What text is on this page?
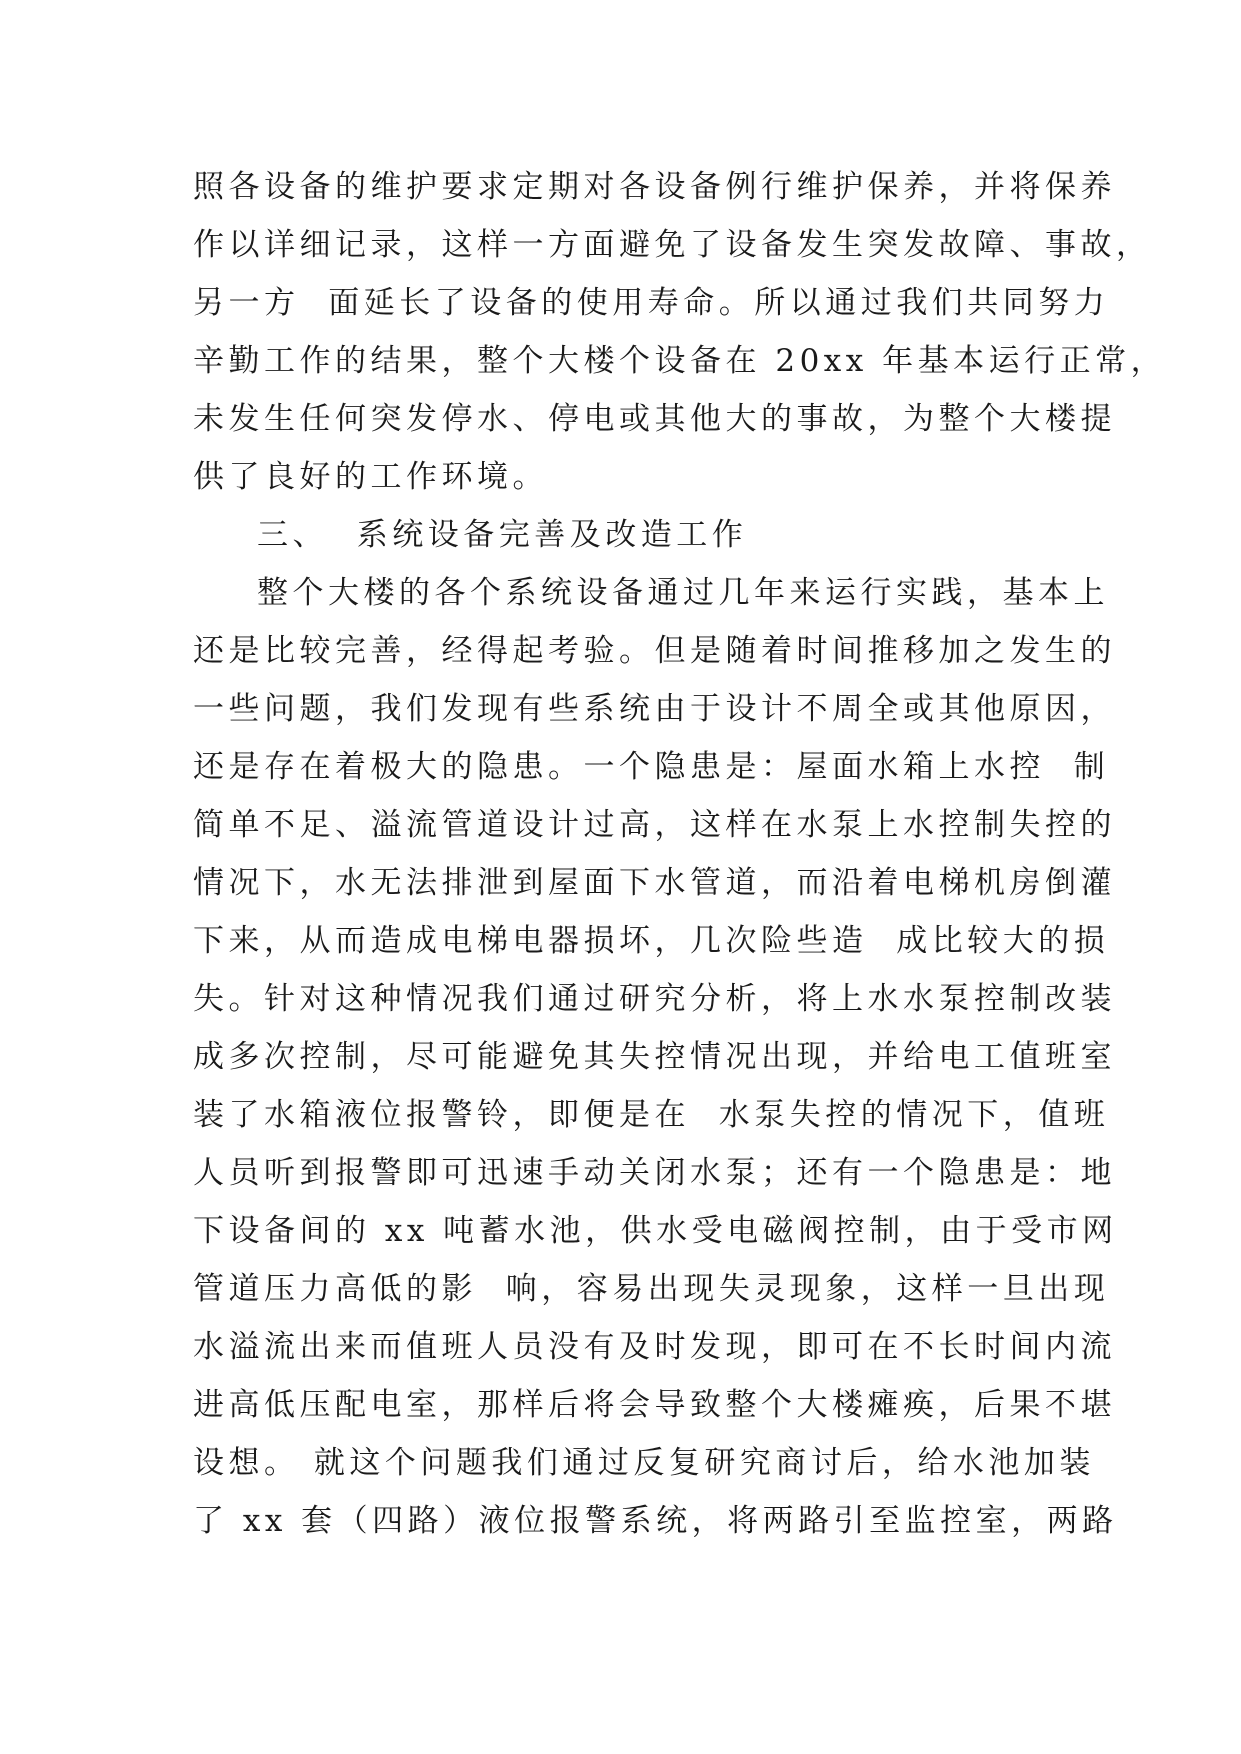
照各设备的维护要求定期对各设备例行维护保养，并将保养
作以详细记录，这样一方面避免了设备发生突发故障、事故，
另一方  面延长了设备的使用寿命。所以通过我们共同努力
辛勤工作的结果，整个大楼个设备在 20xx 年基本运行正常，
未发生任何突发停水、停电或其他大的事故，为整个大楼提
供了良好的工作环境。
三、  系统设备完善及改造工作
整个大楼的各个系统设备通过几年来运行实践，基本上
还是比较完善，经得起考验。但是随着时间推移加之发生的
一些问题，我们发现有些系统由于设计不周全或其他原因，
还是存在着极大的隐患。一个隐患是：屋面水箱上水控  制
简单不足、溢流管道设计过高，这样在水泵上水控制失控的
情况下，水无法排泄到屋面下水管道，而沿着电梯机房倒灌
下来，从而造成电梯电器损坏，几次险些造  成比较大的损
失。针对这种情况我们通过研究分析，将上水水泵控制改装
成多次控制，尽可能避免其失控情况出现，并给电工值班室
装了水箱液位报警铃，即便是在  水泵失控的情况下，值班
人员听到报警即可迅速手动关闭水泵；还有一个隐患是：地
下设备间的 xx 吨蓄水池，供水受电磁阀控制，由于受市网
管道压力高低的影  响，容易出现失灵现象，这样一旦出现
水溢流出来而值班人员没有及时发现，即可在不长时间内流
进高低压配电室，那样后将会导致整个大楼瘫痪，后果不堪
设想。 就这个问题我们通过反复研究商讨后，给水池加装
了 xx 套（四路）液位报警系统，将两路引至监控室，两路
